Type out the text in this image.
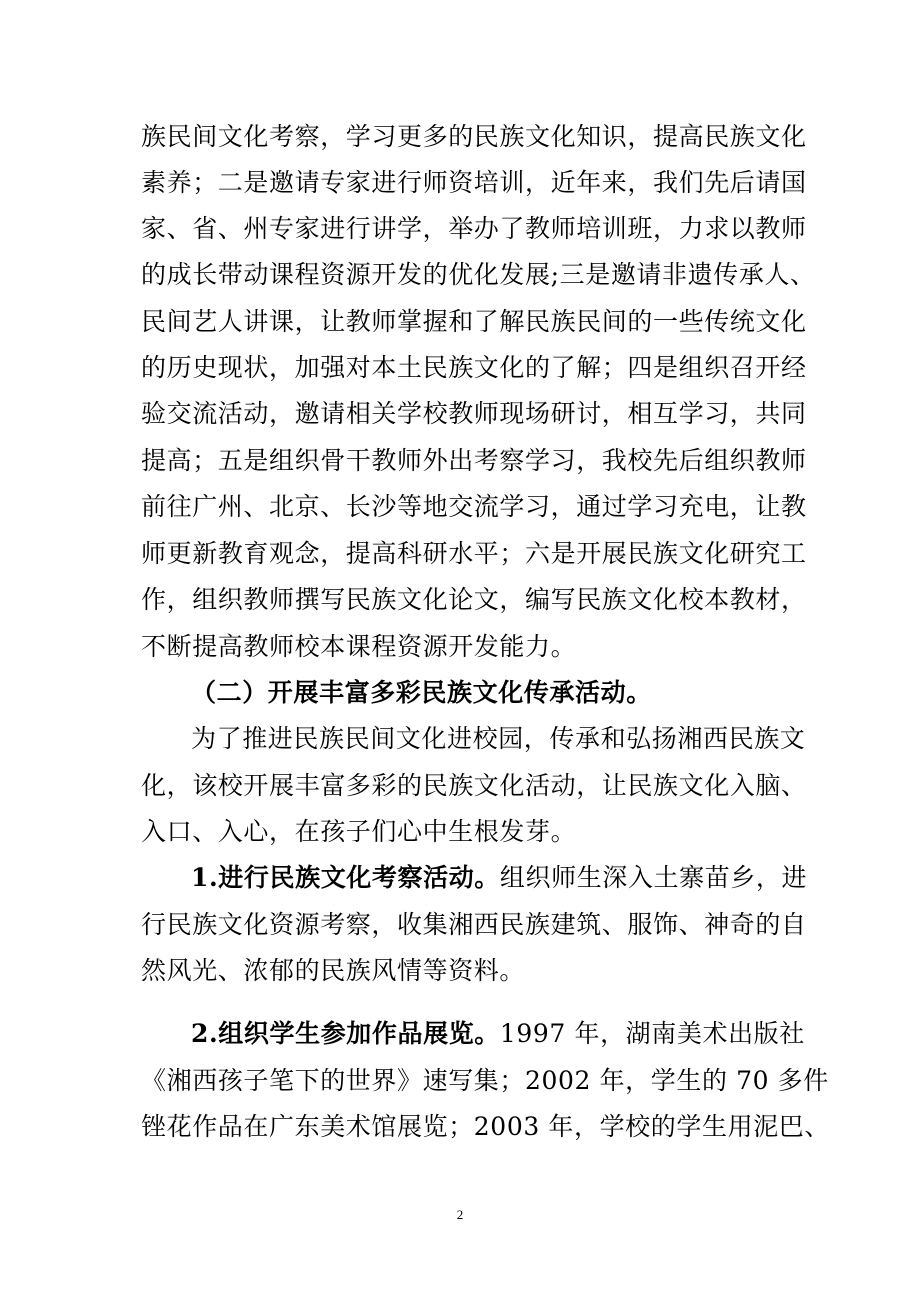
族民间文化考察，学习更多的民族文化知识，提高民族文化
素养；二是邀请专家进行师资培训，近年来，我们先后请国
家、省、州专家进行讲学，举办了教师培训班，力求以教师
的成长带动课程资源开发的优化发展;三是邀请非遗传承人、
民间艺人讲课，让教师掌握和了解民族民间的一些传统文化
的历史现状，加强对本土民族文化的了解；四是组织召开经
验交流活动，邀请相关学校教师现场研讨，相互学习，共同
提高；五是组织骨干教师外出考察学习，我校先后组织教师
前往广州、北京、长沙等地交流学习，通过学习充电，让教
师更新教育观念，提高科研水平；六是开展民族文化研究工
作，组织教师撰写民族文化论文，编写民族文化校本教材，
不断提高教师校本课程资源开发能力。
（二）开展丰富多彩民族文化传承活动。
为了推进民族民间文化进校园，传承和弘扬湘西民族文
化，该校开展丰富多彩的民族文化活动，让民族文化入脑、
入口、入心，在孩子们心中生根发芽。
1.进行民族文化考察活动。组织师生深入土寨苗乡，进
行民族文化资源考察，收集湘西民族建筑、服饰、神奇的自
然风光、浓郁的民族风情等资料。
2.组织学生参加作品展览。1997 年，湖南美术出版社
《湘西孩子笔下的世界》速写集；2002 年，学生的 70 多件
锉花作品在广东美术馆展览；2003 年，学校的学生用泥巴、
2
